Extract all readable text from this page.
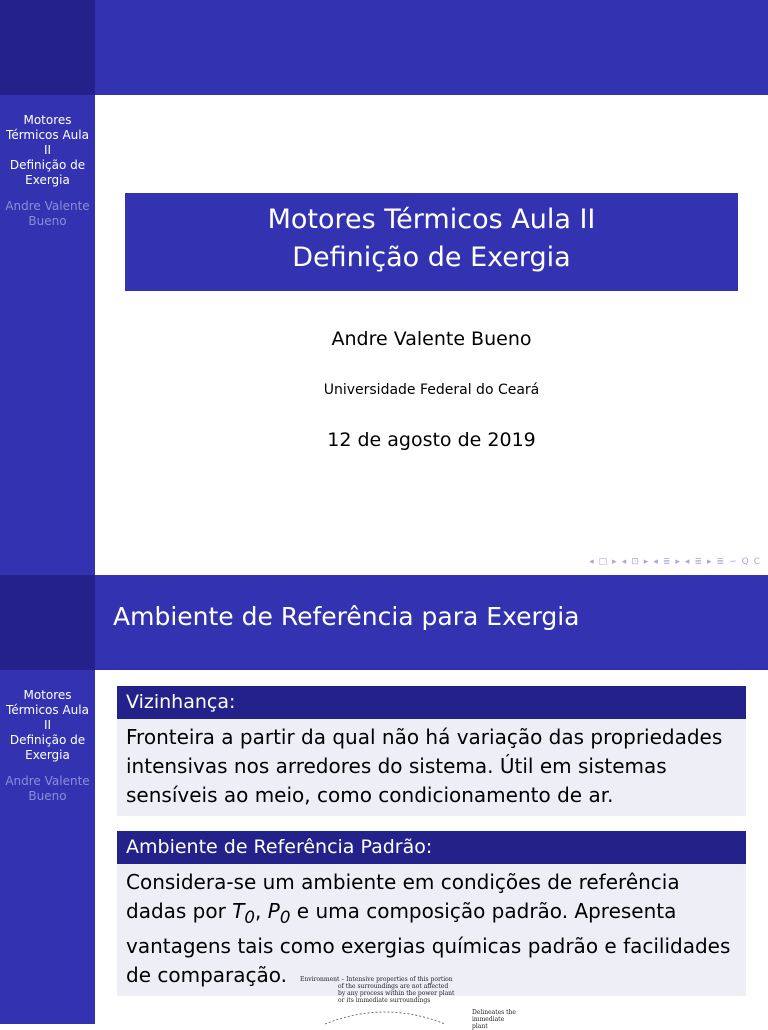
Motores
Térmicos Aula
II
Definição de
Exergia
Andre Valente
Bueno	Motores Térmicos Aula II
Definição de Exergia
Andre Valente Bueno
Universidade Federal do Ceará
12 de agosto de 2019
◂ □ ▸ ◂ ⊡ ▸ ◂ ≣ ▸ ◂ ≣ ▸ ≣ ∽ Q C
Ambiente de Referência para Exergia
Motores
Térmicos Aula
II
Definição de
Exergia
Andre Valente
Bueno
Vizinhança:
Fronteira a partir da qual não há variação das propriedades intensivas nos arredores do sistema. Útil em sistemas sensíveis ao meio, como condicionamento de ar.
Ambiente de Referência Padrão:
Considera-se um ambiente em condições de referência dadas por $T_0$, $P_0$ e uma composição padrão. Apresenta vantagens tais como exergias químicas padrão e facilidades de comparação.	Environment – Intensive properties of this portion
of the surroundings are not affected
by any process within the power plant
or its immediate surroundings
Delineates the
immediate plant
